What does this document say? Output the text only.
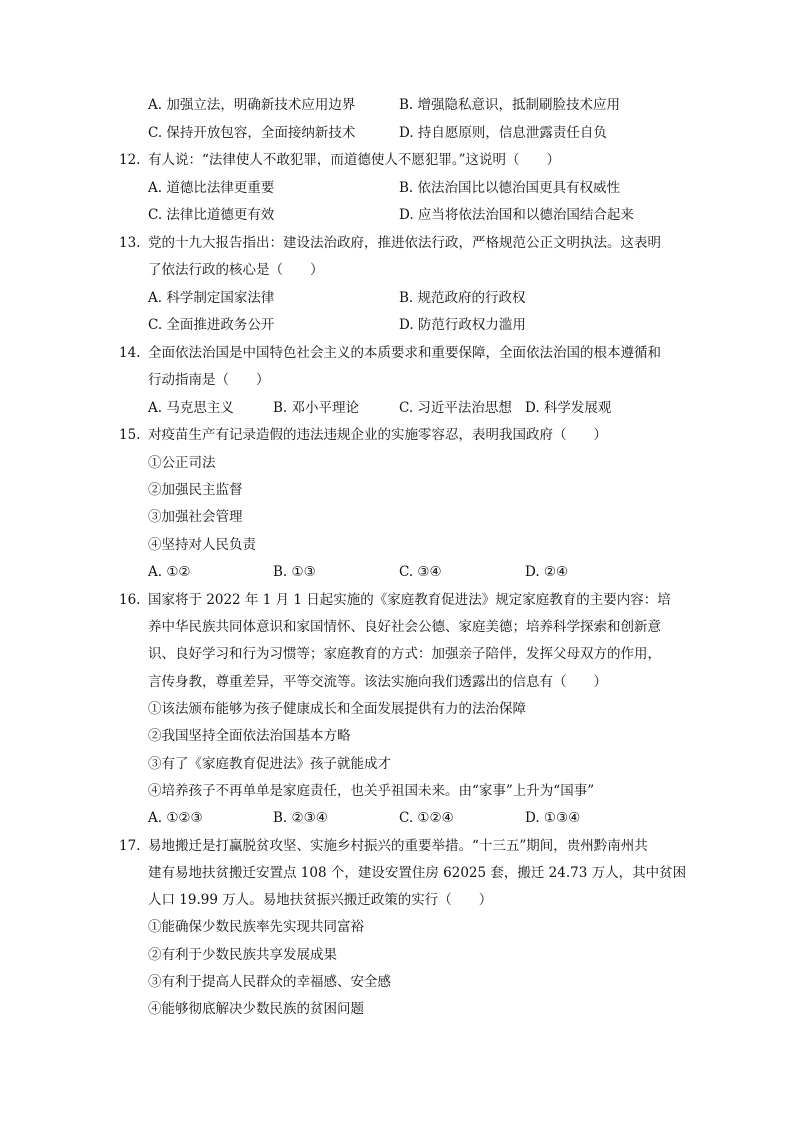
A. 加强立法，明确新技术应用边界	B. 增强隐私意识，抵制刷脸技术应用
C. 保持开放包容，全面接纳新技术	D. 持自愿原则，信息泄露责任自负
12. 有人说：“法律使人不敢犯罪，而道德使人不愿犯罪。”这说明（　　）
A. 道德比法律更重要	B. 依法治国比以德治国更具有权威性
C. 法律比道德更有效	D. 应当将依法治国和以德治国结合起来
13. 党的十九大报告指出：建设法治政府，推进依法行政，严格规范公正文明执法。这表明
了依法行政的核心是（　　）
A. 科学制定国家法律	B. 规范政府的行政权
C. 全面推进政务公开	D. 防范行政权力滥用
14. 全面依法治国是中国特色社会主义的本质要求和重要保障，全面依法治国的根本遵循和
行动指南是（　　）
A. 马克思主义	B. 邓小平理论	C. 习近平法治思想 D. 科学发展观
15. 对疫苗生产有记录造假的违法违规企业的实施零容忍，表明我国政府（　　）
①公正司法
②加强民主监督
③加强社会管理
④坚持对人民负责
A. ①②	B. ①③	C. ③④	D. ②④
16. 国家将于 2022 年 1 月 1 日起实施的《家庭教育促进法》规定家庭教育的主要内容：培
养中华民族共同体意识和家国情怀、良好社会公德、家庭美德；培养科学探索和创新意
识、良好学习和行为习惯等；家庭教育的方式：加强亲子陪伴，发挥父母双方的作用，
言传身教，尊重差异，平等交流等。该法实施向我们透露出的信息有（　　）
①该法颁布能够为孩子健康成长和全面发展提供有力的法治保障
②我国坚持全面依法治国基本方略
③有了《家庭教育促进法》孩子就能成才
④培养孩子不再单单是家庭责任，也关乎祖国未来。由“家事”上升为“国事”
A. ①②③	B. ②③④	C. ①②④	D. ①③④
17. 易地搬迁是打赢脱贫攻坚、实施乡村振兴的重要举措。“十三五”期间，贵州黔南州共
建有易地扶贫搬迁安置点 108 个，建设安置住房 62025 套，搬迁 24.73 万人，其中贫困
人口 19.99 万人。易地扶贫振兴搬迁政策的实行（　　）
①能确保少数民族率先实现共同富裕
②有利于少数民族共享发展成果
③有利于提高人民群众的幸福感、安全感
④能够彻底解决少数民族的贫困问题
